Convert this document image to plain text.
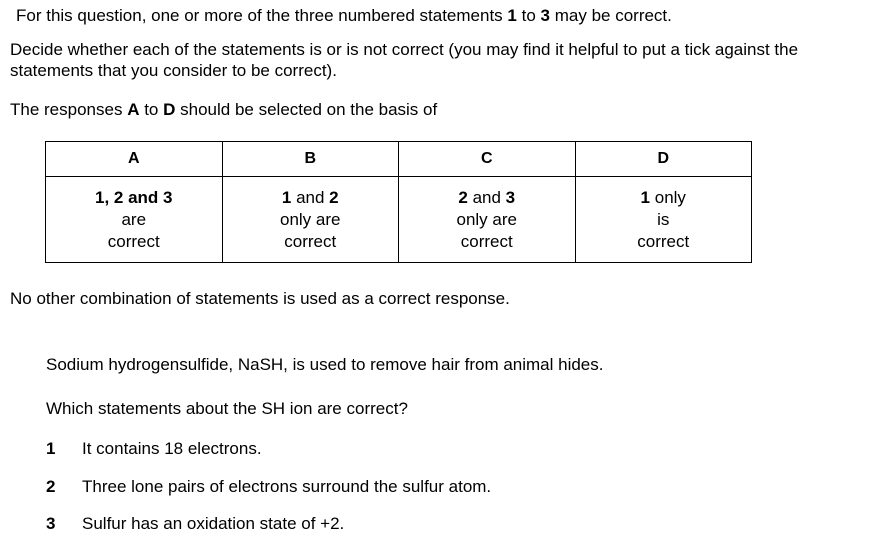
For this question, one or more of the three numbered statements 1 to 3 may be correct.
Decide whether each of the statements is or is not correct (you may find it helpful to put a tick against the statements that you consider to be correct).
The responses A to D should be selected on the basis of
A	B	C	D

1, 2 and 3
are
correct	1 and 2
only are
correct	2 and 3
only are
correct	1 only
is
correct
No other combination of statements is used as a correct response.
Sodium hydrogensulfide, NaSH, is used to remove hair from animal hides.
Which statements about the SH ion are correct?
1 It contains 18 electrons.
2 Three lone pairs of electrons surround the sulfur atom.
3 Sulfur has an oxidation state of +2.
